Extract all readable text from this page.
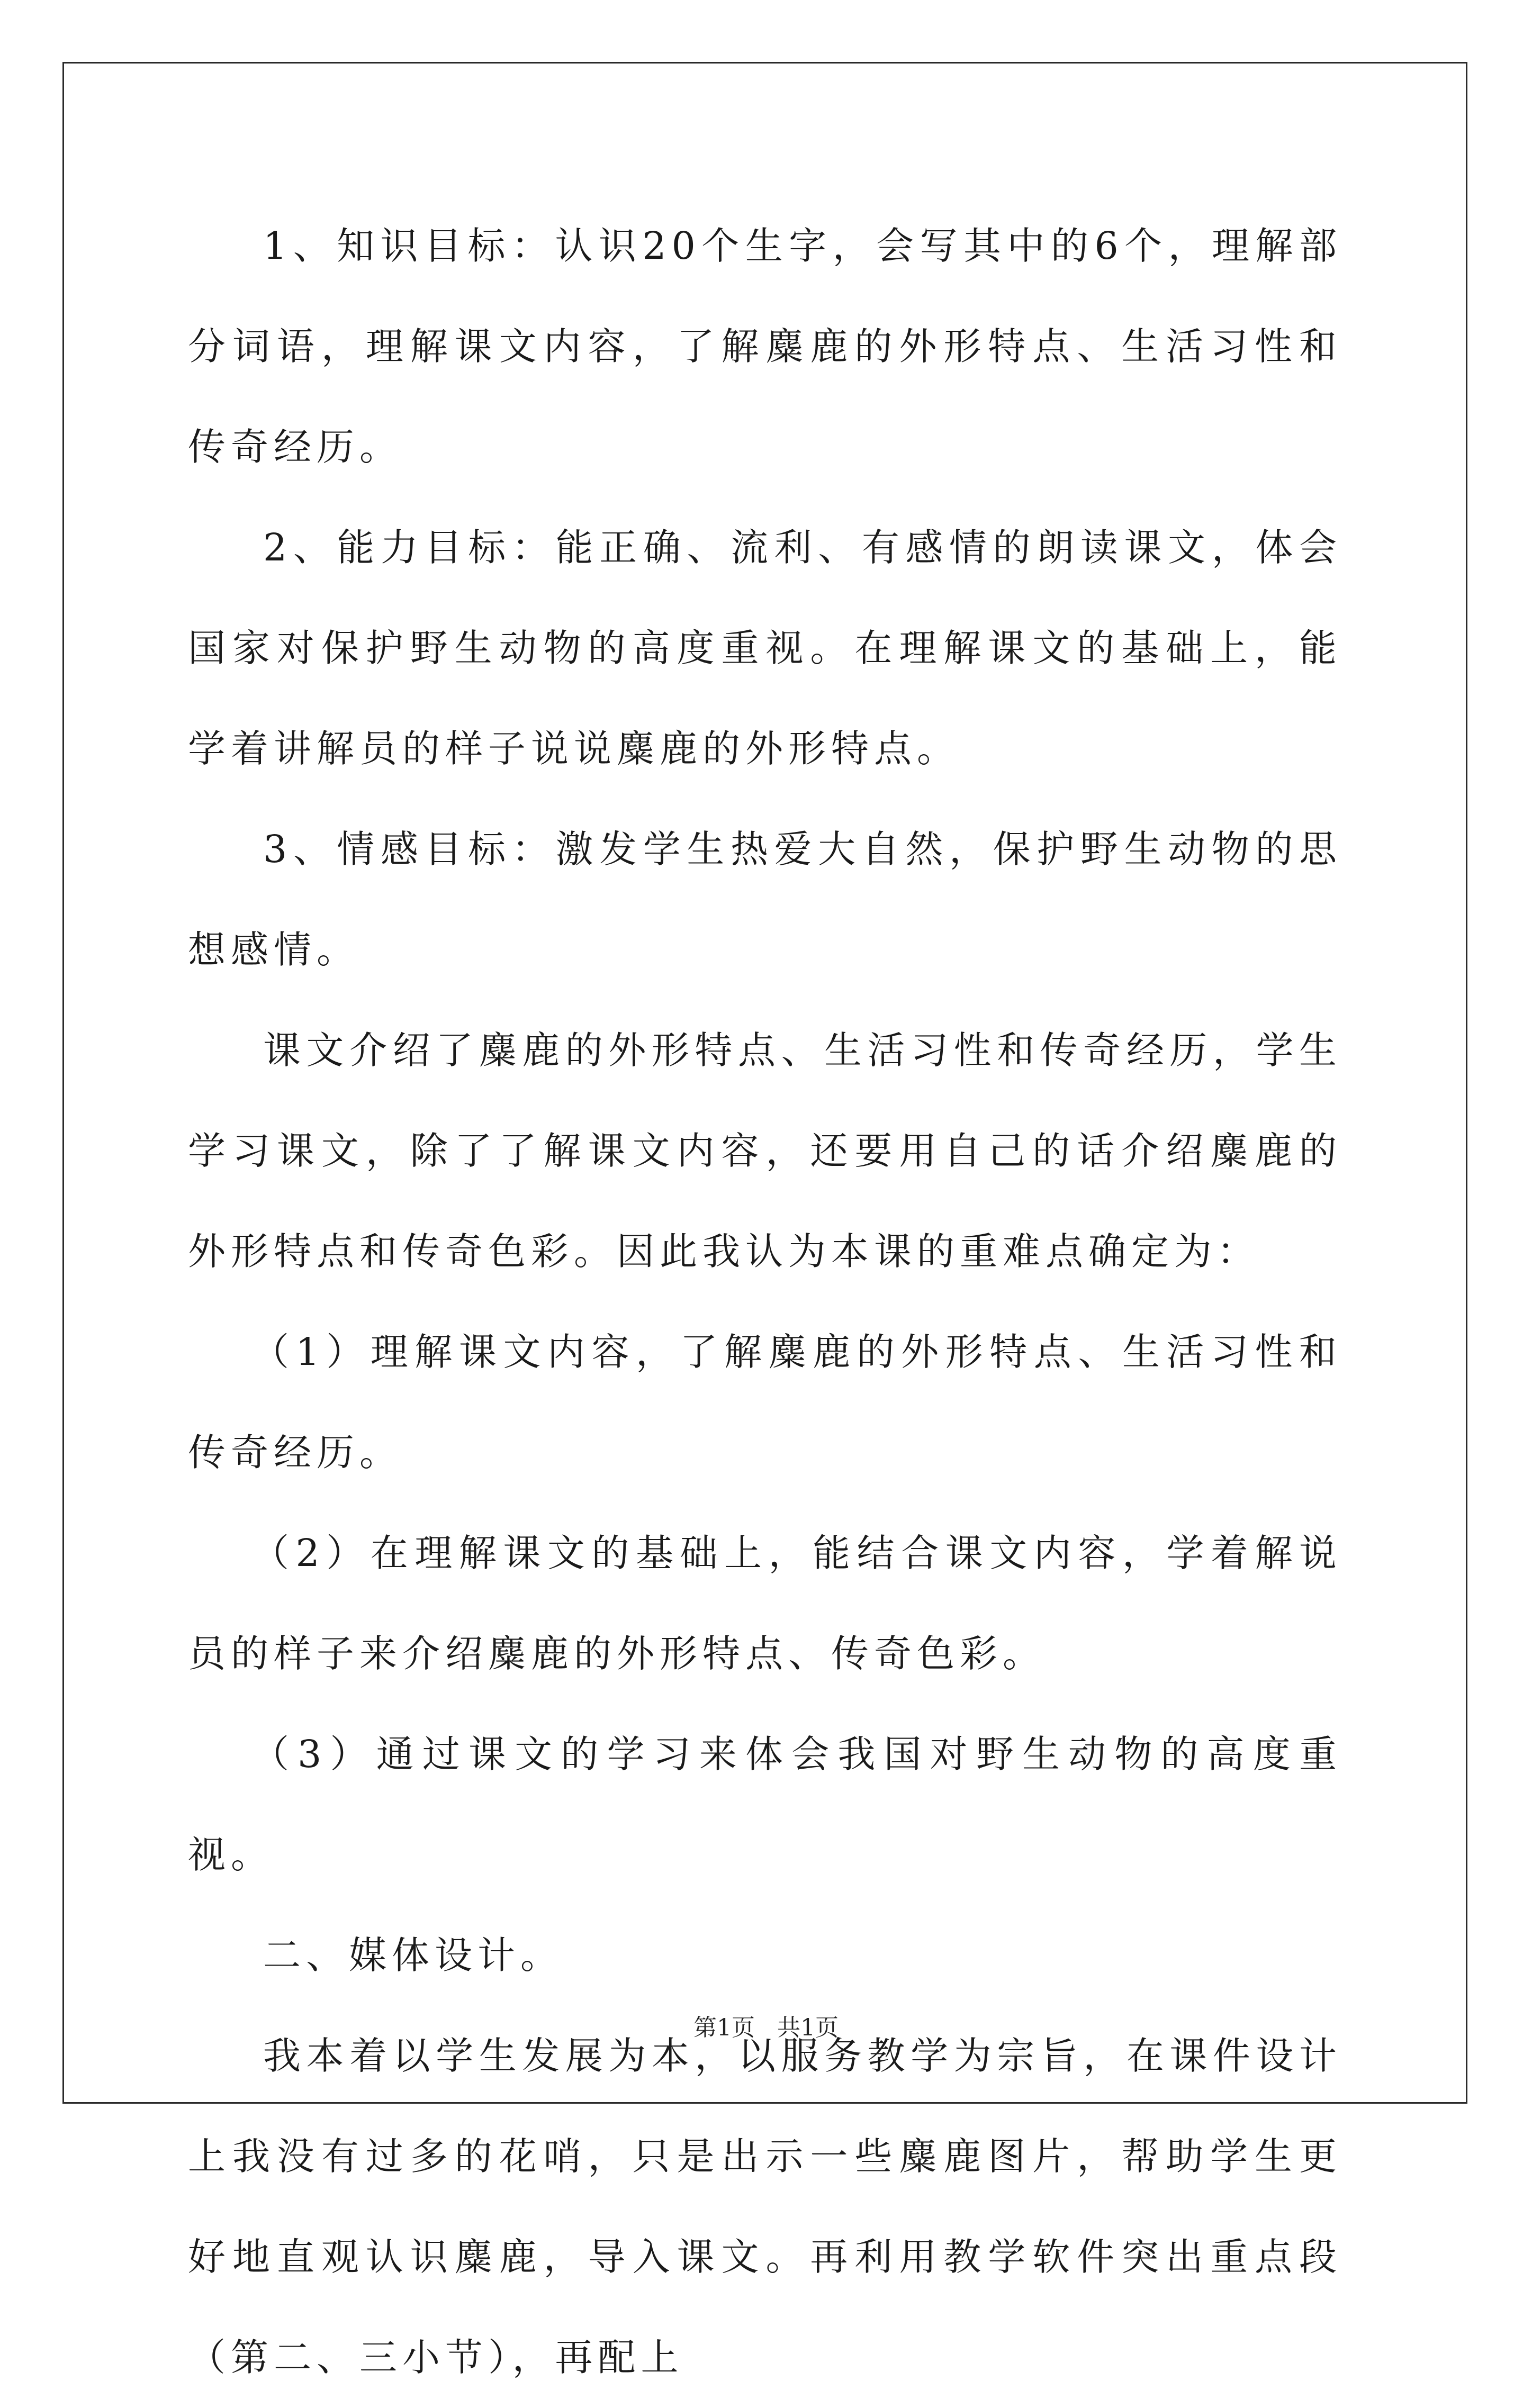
1、知识目标：认识20个生字，会写其中的6个，理解部分词语，理解课文内容，了解麋鹿的外形特点、生活习性和传奇经历。

2、能力目标：能正确、流利、有感情的朗读课文，体会国家对保护野生动物的高度重视。在理解课文的基础上，能学着讲解员的样子说说麋鹿的外形特点。

3、情感目标：激发学生热爱大自然，保护野生动物的思想感情。

课文介绍了麋鹿的外形特点、生活习性和传奇经历，学生学习课文，除了了解课文内容，还要用自己的话介绍麋鹿的外形特点和传奇色彩。因此我认为本课的重难点确定为：

（1）理解课文内容，了解麋鹿的外形特点、生活习性和传奇经历。

（2）在理解课文的基础上，能结合课文内容，学着解说员的样子来介绍麋鹿的外形特点、传奇色彩。

（3）通过课文的学习来体会我国对野生动物的高度重视。

二、媒体设计。

我本着以学生发展为本，以服务教学为宗旨，在课件设计上我没有过多的花哨，只是出示一些麋鹿图片，帮助学生更好地直观认识麋鹿，导入课文。再利用教学软件突出重点段（第二、三小节），再配上

第1页 共1页
